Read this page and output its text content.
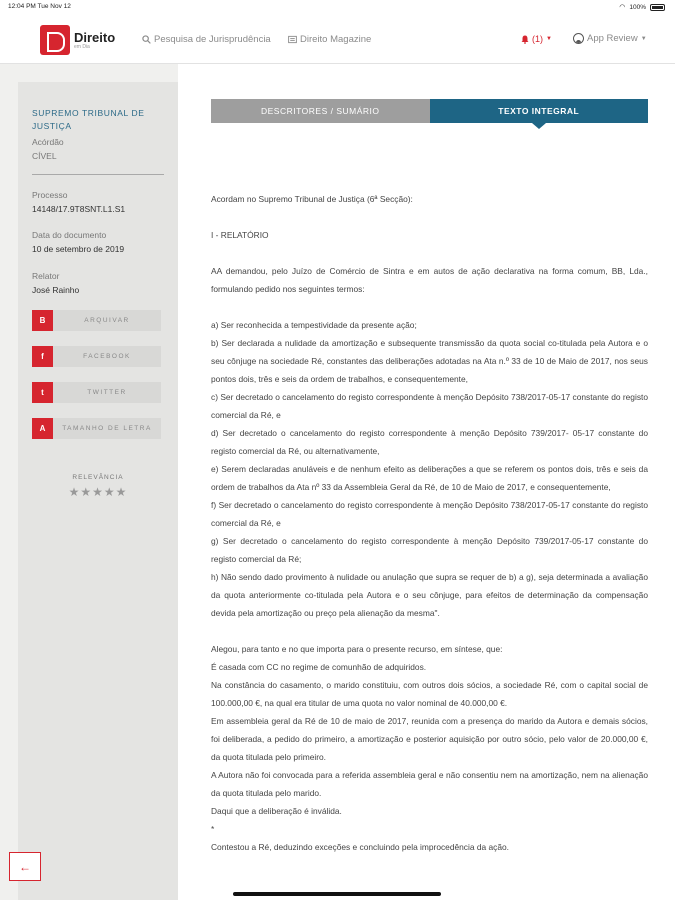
12:04 PM Tue Nov 12	◠ 100%
Direito
em Dia
Pesquisa de Jurisprudência	Direito Magazine	(1) ▼	App Review ▼
SUPREMO TRIBUNAL DE JUSTIÇA
Acórdão
CÍVEL
Processo
14148/17.9T8SNT.L1.S1
Data do documento
10 de setembro de 2019
Relator
José Rainho
B	ARQUIVAR
f	FACEBOOK
t	TWITTER
A	TAMANHO DE LETRA
RELEVÂNCIA
★★★★★
←
DESCRITORES / SUMÁRIO	TEXTO INTEGRAL

Acordam no Supremo Tribunal de Justiça (6ª Secção):

I - RELATÓRIO

AA demandou, pelo Juízo de Comércio de Sintra e em autos de ação declarativa na forma comum, BB, Lda., formulando pedido nos seguintes termos:

a) Ser reconhecida a tempestividade da presente ação;

b) Ser declarada a nulidade da amortização e subsequente transmissão da quota social co-titulada pela Autora e o seu cônjuge na sociedade Ré, constantes das deliberações adotadas na Ata n.º 33 de 10 de Maio de 2017, nos seus pontos dois, três e seis da ordem de trabalhos, e consequentemente,

c) Ser decretado o cancelamento do registo correspondente à menção Depósito 738/2017-05-17 constante do registo comercial da Ré, e

d) Ser decretado o cancelamento do registo correspondente à menção Depósito 739/2017- 05-17 constante do registo comercial da Ré, ou alternativamente,

e) Serem declaradas anuláveis e de nenhum efeito as deliberações a que se referem os pontos dois, três e seis da ordem de trabalhos da Ata nº 33 da Assembleia Geral da Ré, de 10 de Maio de 2017, e consequentemente,

f) Ser decretado o cancelamento do registo correspondente à menção Depósito 738/2017-05-17 constante do registo comercial da Ré, e

g) Ser decretado o cancelamento do registo correspondente à menção Depósito 739/2017-05-17 constante do registo comercial da Ré;

h) Não sendo dado provimento à nulidade ou anulação que supra se requer de b) a g), seja determinada a avaliação da quota anteriormente co-titulada pela Autora e o seu cônjuge, para efeitos de determinação da compensação devida pela amortização ou preço pela alienação da mesma".

Alegou, para tanto e no que importa para o presente recurso, em síntese, que:

É casada com CC no regime de comunhão de adquiridos.

Na constância do casamento, o marido constituiu, com outros dois sócios, a sociedade Ré, com o capital social de 100.000,00 €, na qual era titular de uma quota no valor nominal de 40.000,00 €.

Em assembleia geral da Ré de 10 de maio de 2017, reunida com a presença do marido da Autora e demais sócios, foi deliberada, a pedido do primeiro, a amortização e posterior aquisição por outro sócio, pelo valor de 20.000,00 €, da quota titulada pelo primeiro.

A Autora não foi convocada para a referida assembleia geral e não consentiu nem na amortização, nem na alienação da quota titulada pelo marido.

Daqui que a deliberação é inválida.

*

Contestou a Ré, deduzindo exceções e concluindo pela improcedência da ação.
